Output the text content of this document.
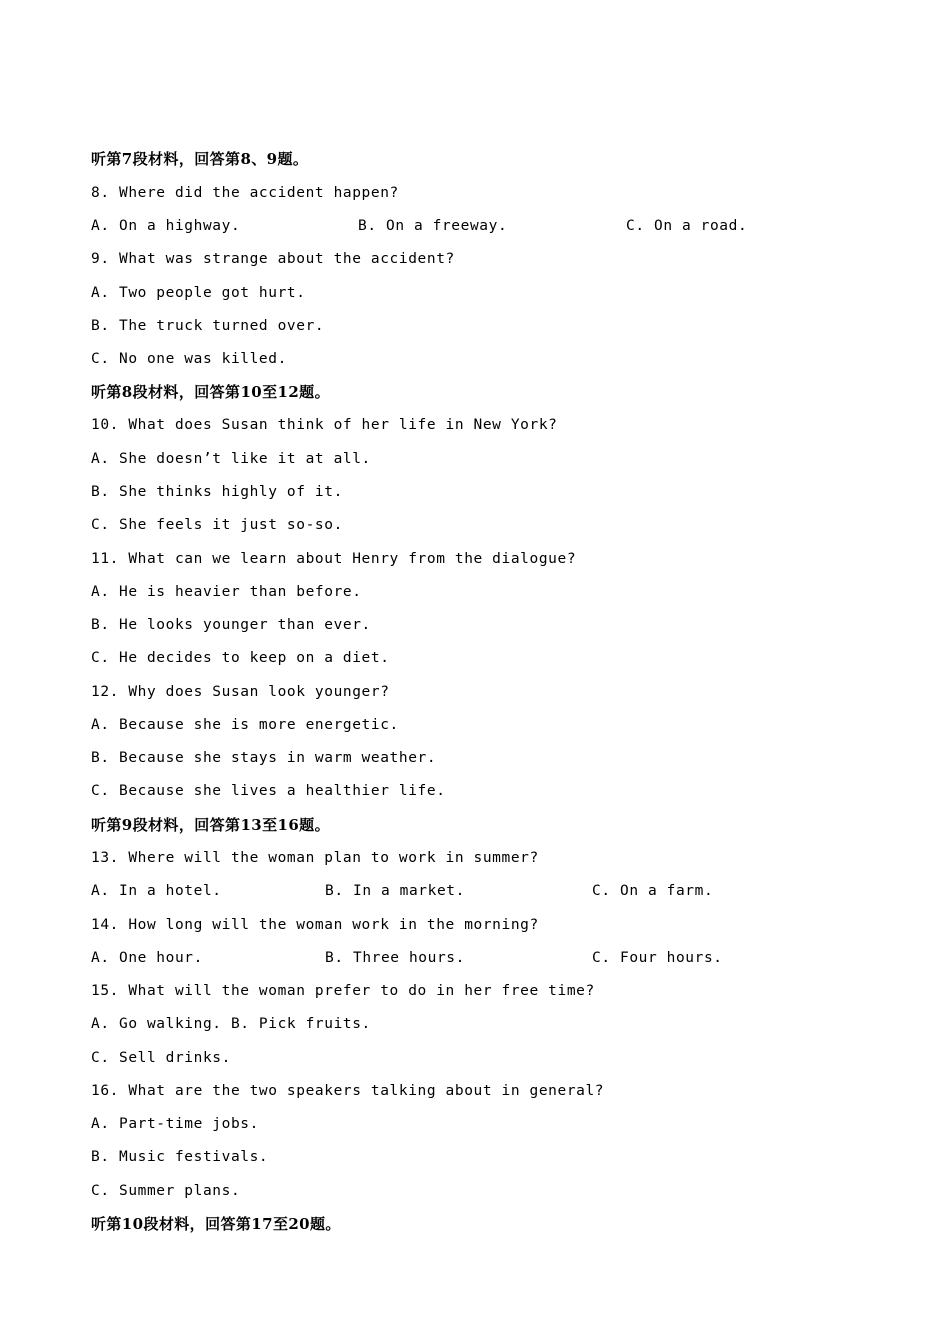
听第7段材料，回答第8、9题。
8. Where did the accident happen?

A. On a highway.

	B. On a freeway.

	C. On a road.

9. What was strange about the accident?
A. Two people got hurt.
B. The truck turned over.
C. No one was killed.
听第8段材料，回答第10至12题。
10. What does Susan think of her life in New York?
A. She doesn’t like it at all.
B. She thinks highly of it.
C. She feels it just so-so.
11. What can we learn about Henry from the dialogue?
A. He is heavier than before.
B. He looks younger than ever.
C. He decides to keep on a diet.
12. Why does Susan look younger?
A. Because she is more energetic.
B. Because she stays in warm weather.
C. Because she lives a healthier life.
听第9段材料，回答第13至16题。
13. Where will the woman plan to work in summer?

A. In a hotel.

	B. In a market.

	C. On a farm.

14. How long will the woman work in the morning?

A. One hour.

	B. Three hours.

	C. Four hours.

15. What will the woman prefer to do in her free time?
A. Go walking. B. Pick fruits.
C. Sell drinks.
16. What are the two speakers talking about in general?
A. Part-time jobs.
B. Music festivals.
C. Summer plans.
听第10段材料，回答第17至20题。
